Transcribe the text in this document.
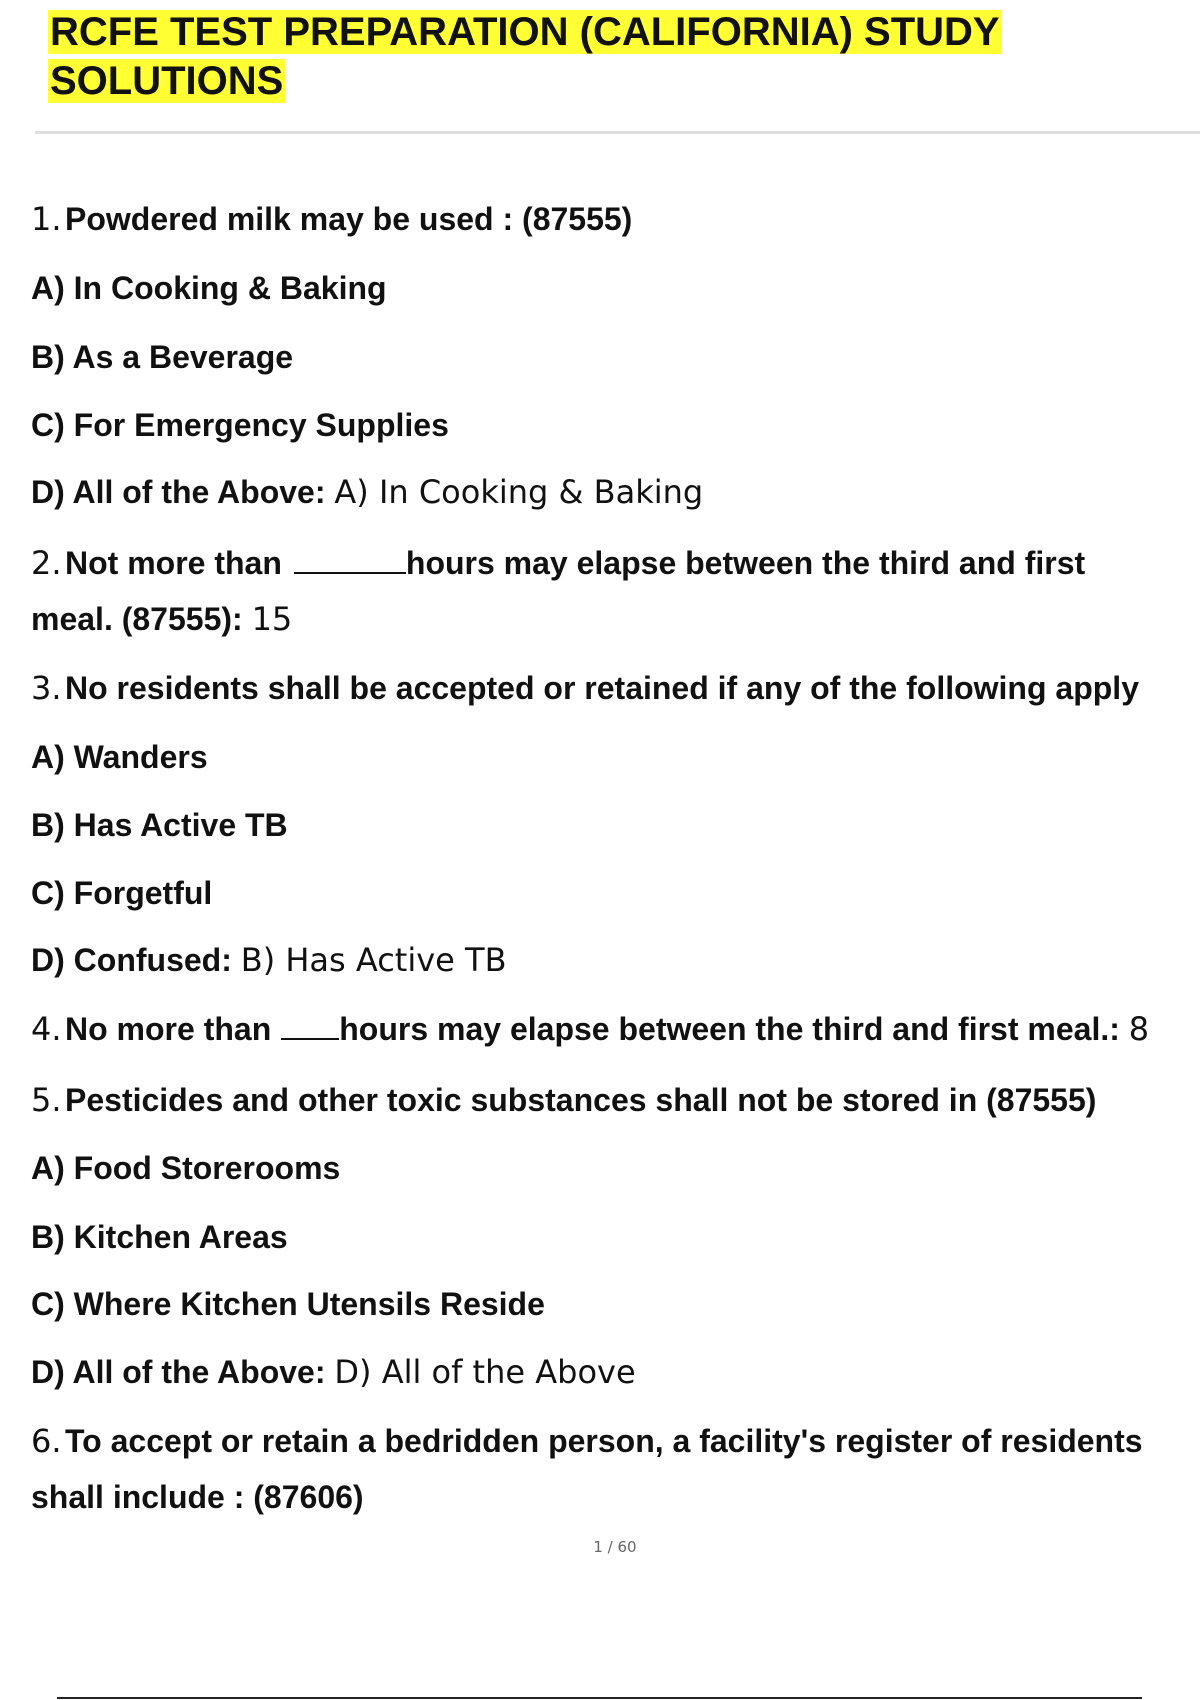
RCFE TEST PREPARATION (CALIFORNIA) STUDY SOLUTIONS
1. Powdered milk may be used : (87555)
A) In Cooking & Baking
B) As a Beverage
C) For Emergency Supplies
D) All of the Above: A) In Cooking & Baking
2. Not more than	hours may elapse between the third and first
meal. (87555): 15
3. No residents shall be accepted or retained if any of the following apply
A) Wanders
B) Has Active TB
C) Forgetful
D) Confused: B) Has Active TB
4. No more than hours may elapse between the third and first meal.: 8
5. Pesticides and other toxic substances shall not be stored in (87555)
A) Food Storerooms
B) Kitchen Areas
C) Where Kitchen Utensils Reside
D) All of the Above: D) All of the Above
6. To accept or retain a bedridden person, a facility's register of residents
shall include : (87606)
1 / 60
